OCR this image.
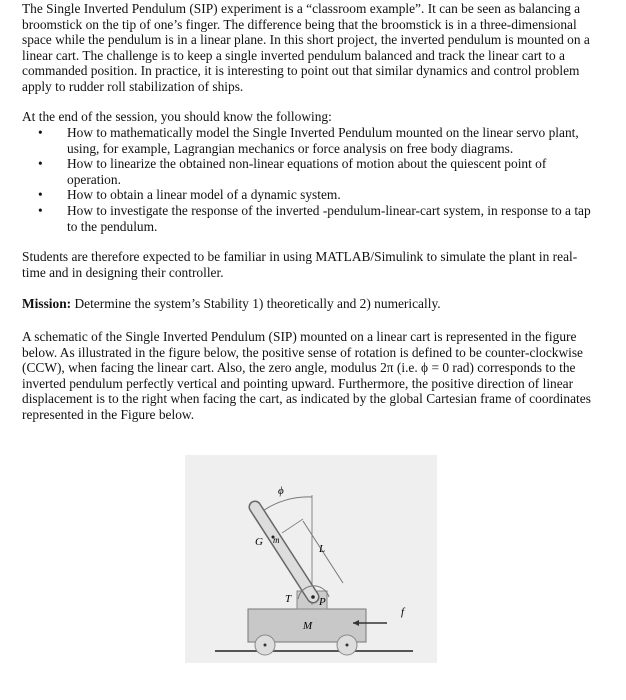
The Single Inverted Pendulum (SIP) experiment is a “classroom example”. It can be seen as balancing a
broomstick on the tip of one’s finger. The difference being that the broomstick is in a three-dimensional
space while the pendulum is in a linear plane. In this short project, the inverted pendulum is mounted on a
linear cart. The challenge is to keep a single inverted pendulum balanced and track the linear cart to a
commanded position. In practice, it is interesting to point out that similar dynamics and control problem
apply to rudder roll stabilization of ships.
At the end of the session, you should know the following:
• How to mathematically model the Single Inverted Pendulum mounted on the linear servo plant,
using, for example, Lagrangian mechanics or force analysis on free body diagrams.
• How to linearize the obtained non-linear equations of motion about the quiescent point of
operation.
• How to obtain a linear model of a dynamic system.
• How to investigate the response of the inverted -pendulum-linear-cart system, in response to a tap
to the pendulum.
Students are therefore expected to be familiar in using MATLAB/Simulink to simulate the plant in real-
time and in designing their controller.
Mission: Determine the system’s Stability 1) theoretically and 2) numerically.
A schematic of the Single Inverted Pendulum (SIP) mounted on a linear cart is represented in the figure
below. As illustrated in the figure below, the positive sense of rotation is defined to be counter-clockwise
(CCW), when facing the linear cart. Also, the zero angle, modulus 2π (i.e. ϕ = 0 rad) corresponds to the
inverted pendulum perfectly vertical and pointing upward. Furthermore, the positive direction of linear
displacement is to the right when facing the cart, as indicated by the global Cartesian frame of coordinates
represented in the Figure below.
ϕ
G m
L
T	P
M
f
